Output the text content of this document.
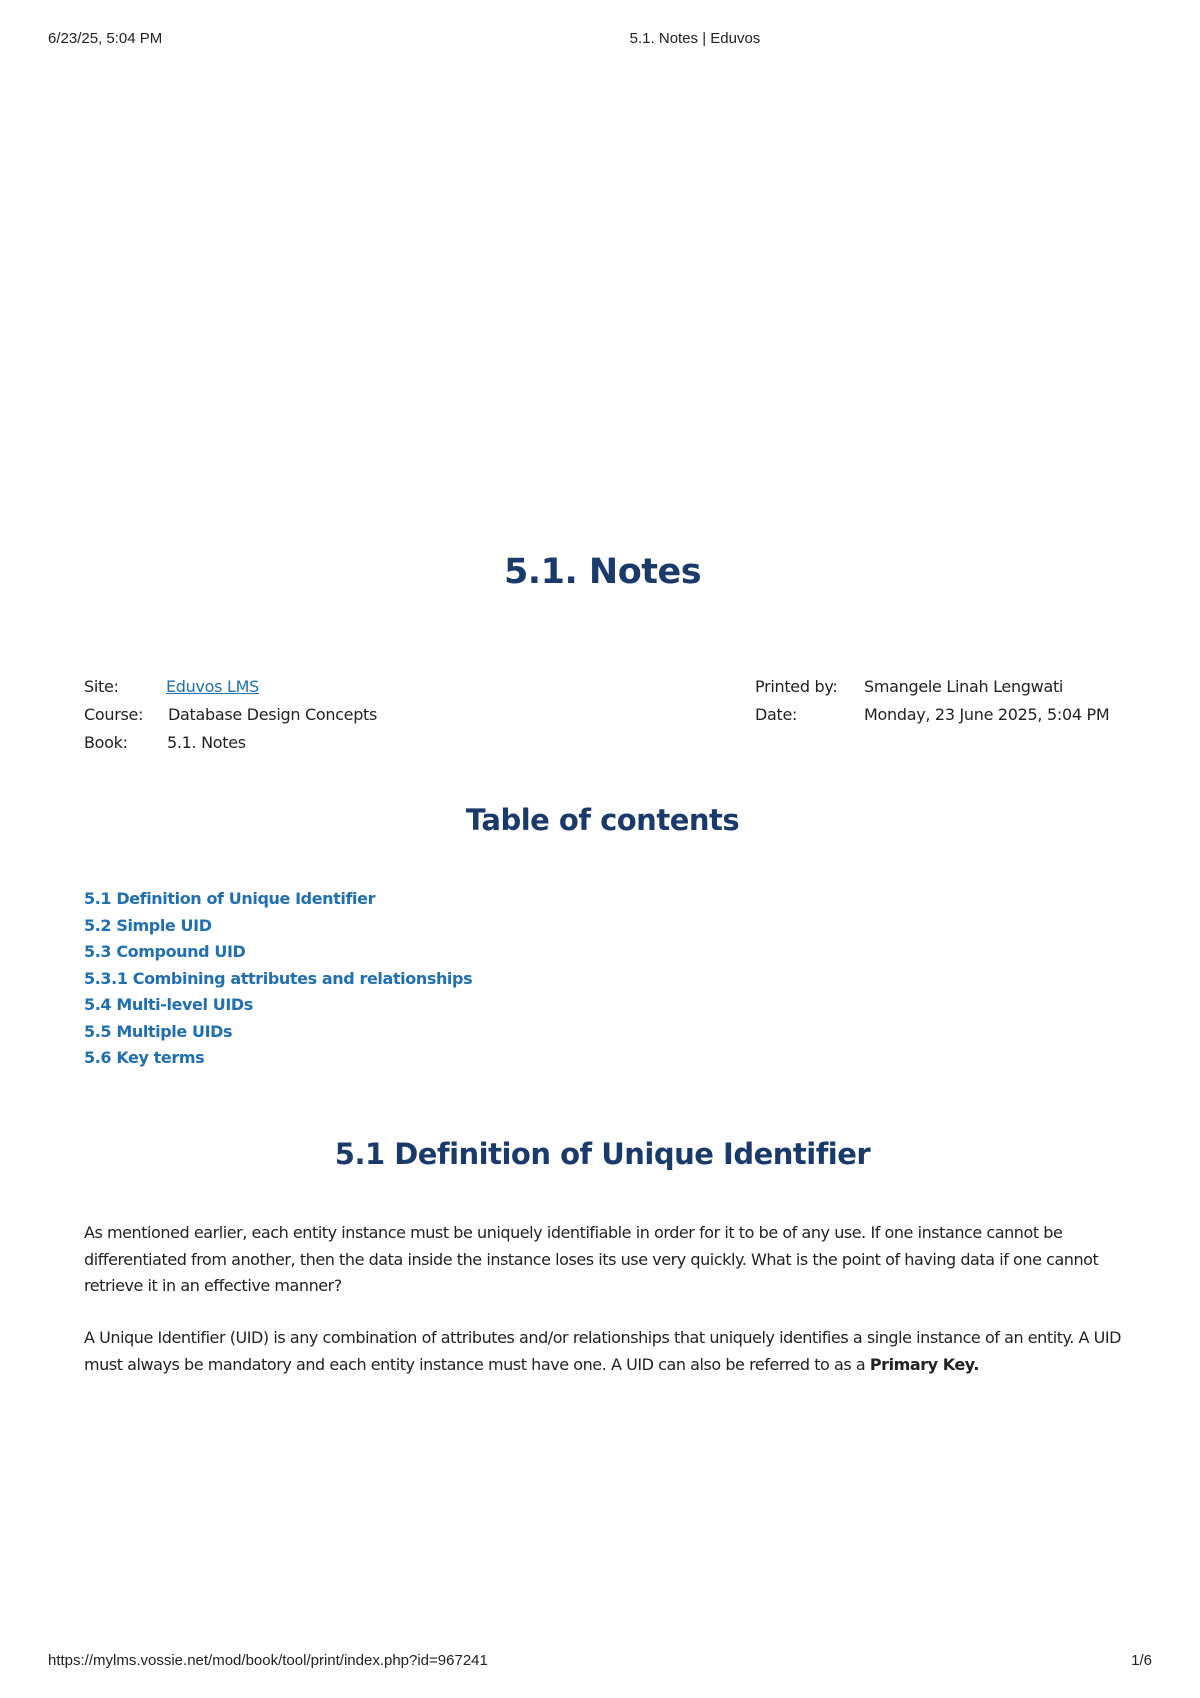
6/23/25, 5:04 PM	5.1. Notes | Eduvos
5.1. Notes
Site:	Eduvos LMS
Course: Database Design Concepts
Book: 5.1. Notes
Printed by: Smangele Linah Lengwati
Date:	Monday, 23 June 2025, 5:04 PM
Table of contents
5.1 Definition of Unique Identifier
5.2 Simple UID
5.3 Compound UID
5.3.1 Combining attributes and relationships
5.4 Multi-level UIDs
5.5 Multiple UIDs
5.6 Key terms
5.1 Definition of Unique Identifier

As mentioned earlier, each entity instance must be uniquely identifiable in order for it to be of any use. If one instance cannot be differentiated from another, then the data inside the instance loses its use very quickly. What is the point of having data if one cannot retrieve it in an effective manner?

A Unique Identifier (UID) is any combination of attributes and/or relationships that uniquely identifies a single instance of an entity. A UID must always be mandatory and each entity instance must have one. A UID can also be referred to as a Primary Key.

https://mylms.vossie.net/mod/book/tool/print/index.php?id=967241	1/6
